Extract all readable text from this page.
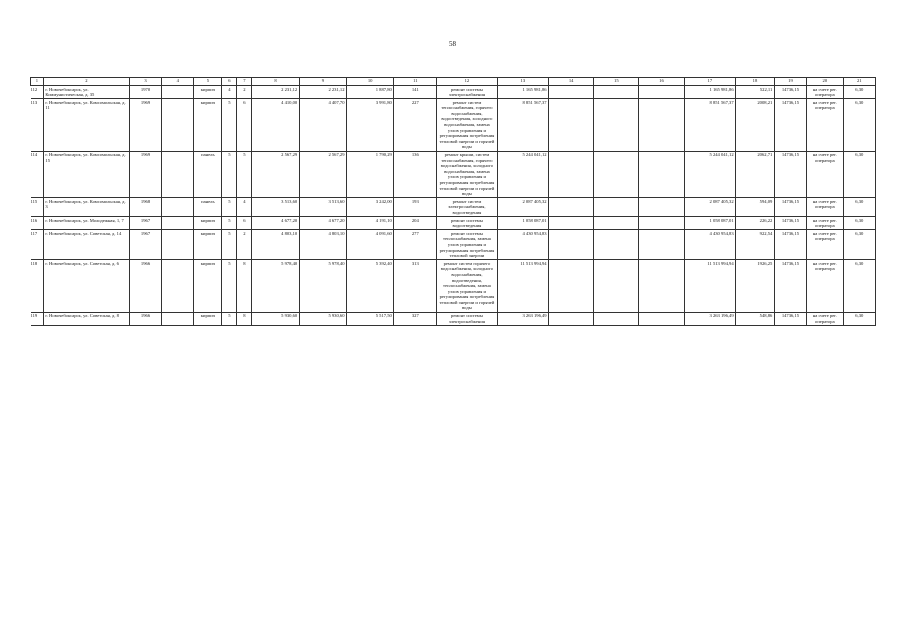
58
1	2	3	4	5	6	7	8	9	10	11	12	13	14	15	16	17	18	19	20	21
112	г. Новочебоксарск, ул. Коммунистическая, д. 35	1970		кирпич	4	2	2 231,12	2 231,12	1 887,80	141	ремонт системы электроснабжения	1 165 981,86				1 165 981,86	522,11	14736,15	на счете рег. оператора	6,30
113	г. Новочебоксарск, ул. Комсомольская, д. 11	1969		кирпич	5	6	4 410,00	4 407,70	3 991,80	227	ремонт систем теплоснабжения, горячего водоснабжения, водоотведения, холодного водоснабжения, замена узлов управления и регулирования потребления тепловой энергии и горячей воды	8 851 567,37				8 851 567,37	2008,21	14736,15	на счете рег. оператора	6,30
114	г. Новочебоксарск, ул. Комсомольская, д. 15	1969		панель	5	5	2 567,29	2 567,29	1 790,29	136	ремонт крыши, систем теплоснабжения, горячего водоснабжения, холодного водоснабжения, замена узлов управления и регулирования потребления тепловой энергии и горячей воды	5 244 041,12				5 244 041,12	2062,71	14736,15	на счете рег. оператора	6,30
115	г. Новочебоксарск, ул. Комсомольская, д. 3	1968		панель	5	4	3 513,60	3 513,60	3 242,00	193	ремонт систем электроснабжения, водоотведения	2 087 405,32				2 087 405,32	594,09	14736,15	на счете рег. оператора	6,30
116	г. Новочебоксарск, ул. Молодежная, 1, 7	1967		кирпич	5	6	4 677,20	4 677,20	4 191,10	204	ремонт системы водоотведения	1 058 087,01				1 058 087,01	226,22	14736,15	на счете рег. оператора	6,30
117	г. Новочебоксарск, ул. Советская, д. 14	1967		кирпич	5	2	4 803,10	4 803,10	4 091,60	277	ремонт системы теплоснабжения, замена узлов управления и регулирования потребления тепловой энергии	4 430 954,83				4 430 954,83	922,54	14736,15	на счете рег. оператора	6,30
118	г. Новочебоксарск, ул. Советская, д. 6	1966		кирпич	5	8	5 978,40	5 978,40	5 392,40	313	ремонт систем горячего водоснабжения, холодного водоснабжения, водоотведения, теплоснабжения, замена узлов управления и регулирования потребления тепловой энергии и горячей воды	11 513 994,94				11 513 994,94	1926,25	14736,15	на счете рег. оператора	6,30
119	г. Новочебоксарск, ул. Советская, д. 8	1966		кирпич	5	8	5 930,60	5 930,60	5 517,50	327	ремонт системы электроснабжения	3 263 196,49				3 263 196,49	548,86	14736,15	на счете рег. оператора	6,30
